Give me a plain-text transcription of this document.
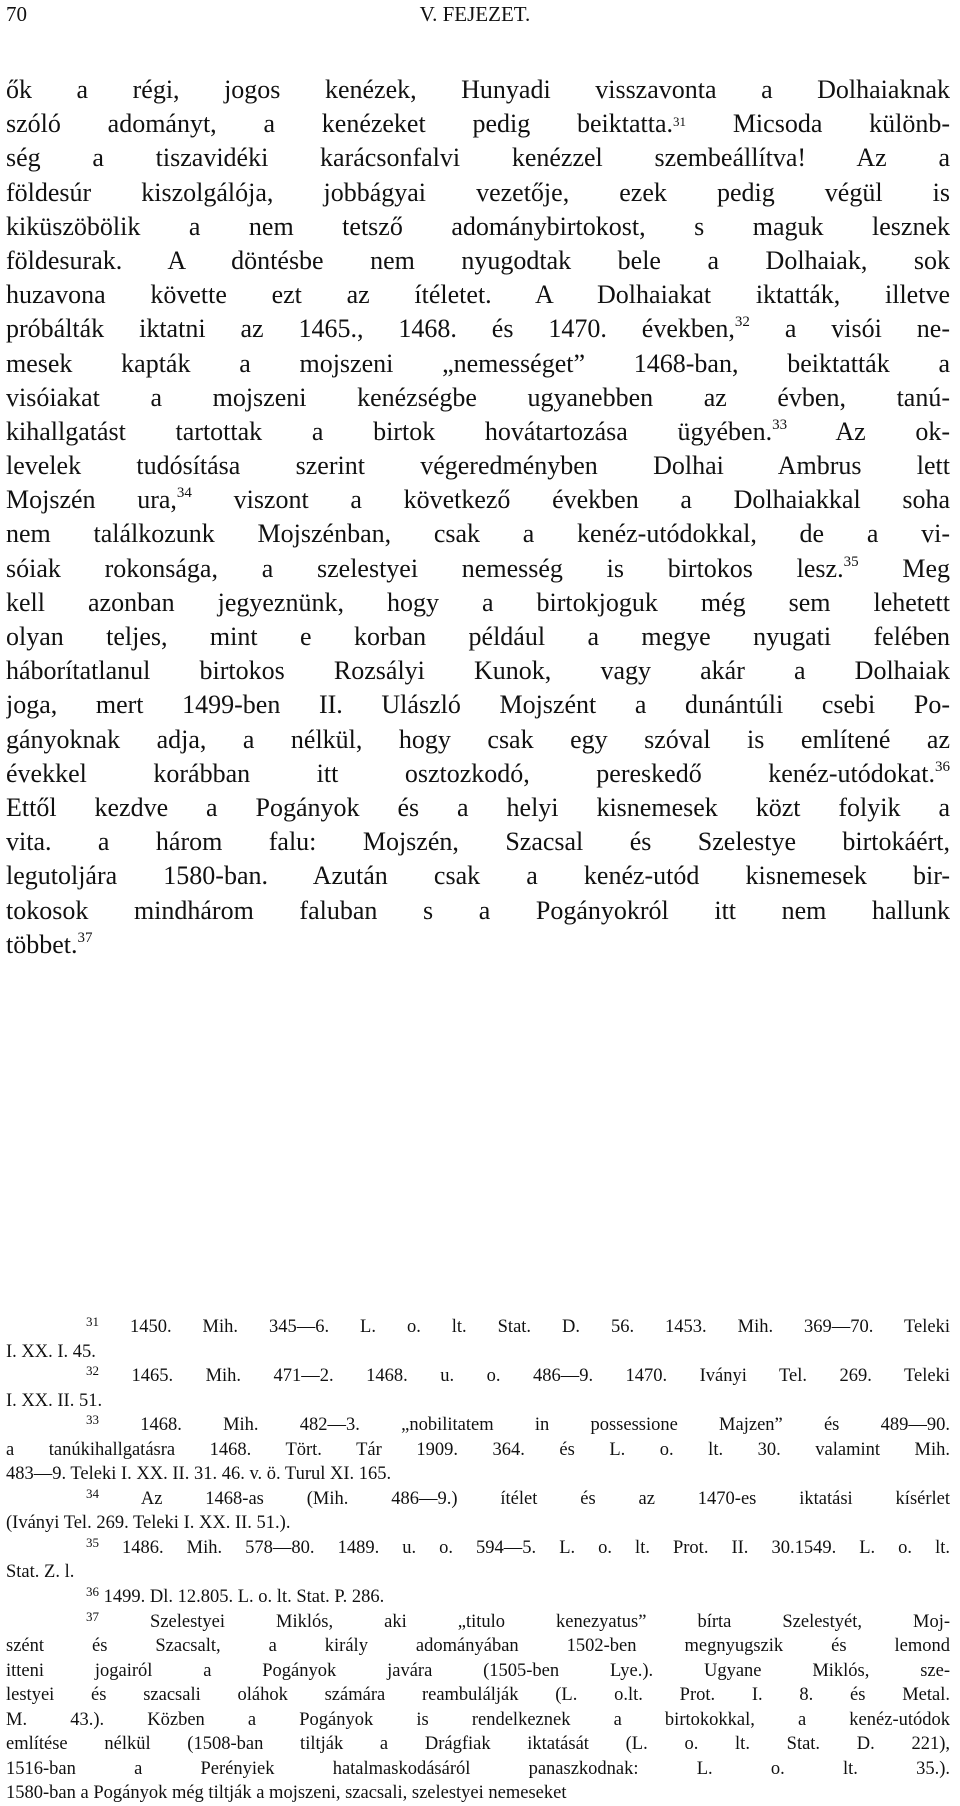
70	V. FEJEZET.
ők a régi, jogos kenézek, Hunyadi visszavonta a Dolhaiaknak
szóló adományt, a kenézeket pedig beiktatta.$^{31}$ Micsoda különb-
ség a tiszavidéki karácsonfalvi kenézzel szembeállítva! Az a
földesúr kiszolgálója, jobbágyai vezetője, ezek pedig végül is
kiküszöbölik a nem tetsző adománybirtokost, s maguk lesznek
földesurak. A döntésbe nem nyugodtak bele a Dolhaiak, sok
huzavona követte ezt az ítéletet. A Dolhaiakat iktatták, illetve
próbálták iktatni az 1465., 1468. és 1470. években,$^{32}$ a visói ne-
mesek kapták a mojszeni „nemességet” 1468-ban, beiktatták a
visóiakat a mojszeni kenézségbe ugyanebben az évben, tanú-
kihallgatást tartottak a birtok hovátartozása ügyében.$^{33}$ Az ok-
levelek tudósítása szerint végeredményben Dolhai Ambrus lett
Mojszén ura,$^{34}$ viszont a következő években a Dolhaiakkal soha
nem találkozunk Mojszénban, csak a kenéz-utódokkal, de a vi-
sóiak rokonsága, a szelestyei nemesség is birtokos lesz.$^{35}$ Meg
kell azonban jegyeznünk, hogy a birtokjoguk még sem lehetett
olyan teljes, mint e korban például a megye nyugati felében
háborítatlanul birtokos Rozsályi Kunok, vagy akár a Dolhaiak
joga, mert 1499-ben II. Ulászló Mojszént a dunántúli csebi Po-
gányoknak adja, a nélkül, hogy csak egy szóval is említené az
évekkel korábban itt osztozkodó, pereskedő kenéz-utódokat.$^{36}$
Ettől kezdve a Pogányok és a helyi kisnemesek közt folyik a
vita. a három falu: Mojszén, Szacsal és Szelestye birtokáért,
legutoljára 1580-ban. Azután csak a kenéz-utód kisnemesek bir-
tokosok mindhárom faluban s a Pogányokról itt nem hallunk
többet.$^{37}$
$^{31}$ 1450. Mih. 345—6. L. o. lt. Stat. D. 56. 1453. Mih. 369—70. Teleki
I. XX. I. 45.
$^{32}$ 1465. Mih. 471—2. 1468. u. o. 486—9. 1470. Iványi Tel. 269. Teleki
I. XX. II. 51.
$^{33}$ 1468. Mih. 482—3. „nobilitatem in possessione Majzen” és 489—90.
a tanúkihallgatásra 1468. Tört. Tár 1909. 364. és L. o. lt. 30. valamint Mih.
483—9. Teleki I. XX. II. 31. 46. v. ö. Turul XI. 165.
$^{34}$ Az 1468-as (Mih. 486—9.) ítélet és az 1470-es iktatási kísérlet
(Iványi Tel. 269. Teleki I. XX. II. 51.).
$^{35}$ 1486. Mih. 578—80. 1489. u. o. 594—5. L. o. lt. Prot. II. 30.1549. L. o. lt.
Stat. Z. l.
$^{36}$ 1499. Dl. 12.805. L. o. lt. Stat. P. 286.
$^{37}$	Szelestyei Miklós, aki „titulo kenezyatus” bírta Szelestyét, Moj-
szént és Szacsalt, a király adományában 1502-ben megnyugszik és lemond
itteni jogairól a Pogányok javára (1505-ben Lye.). Ugyane Miklós, sze-
lestyei és szacsali oláhok számára reambulálják (L. o.lt. Prot. I. 8. és Metal.
M. 43.). Közben a Pogányok is rendelkeznek a birtokokkal, a kenéz-utódok
említése nélkül (1508-ban tiltják a Drágfiak iktatását (L. o. lt. Stat. D. 221),
1516-ban a Perényiek hatalmaskodásáról panaszkodnak: L. o. lt. 35.).
1580-ban a Pogányok még tiltják a mojszeni, szacsali, szelestyei nemeseket
